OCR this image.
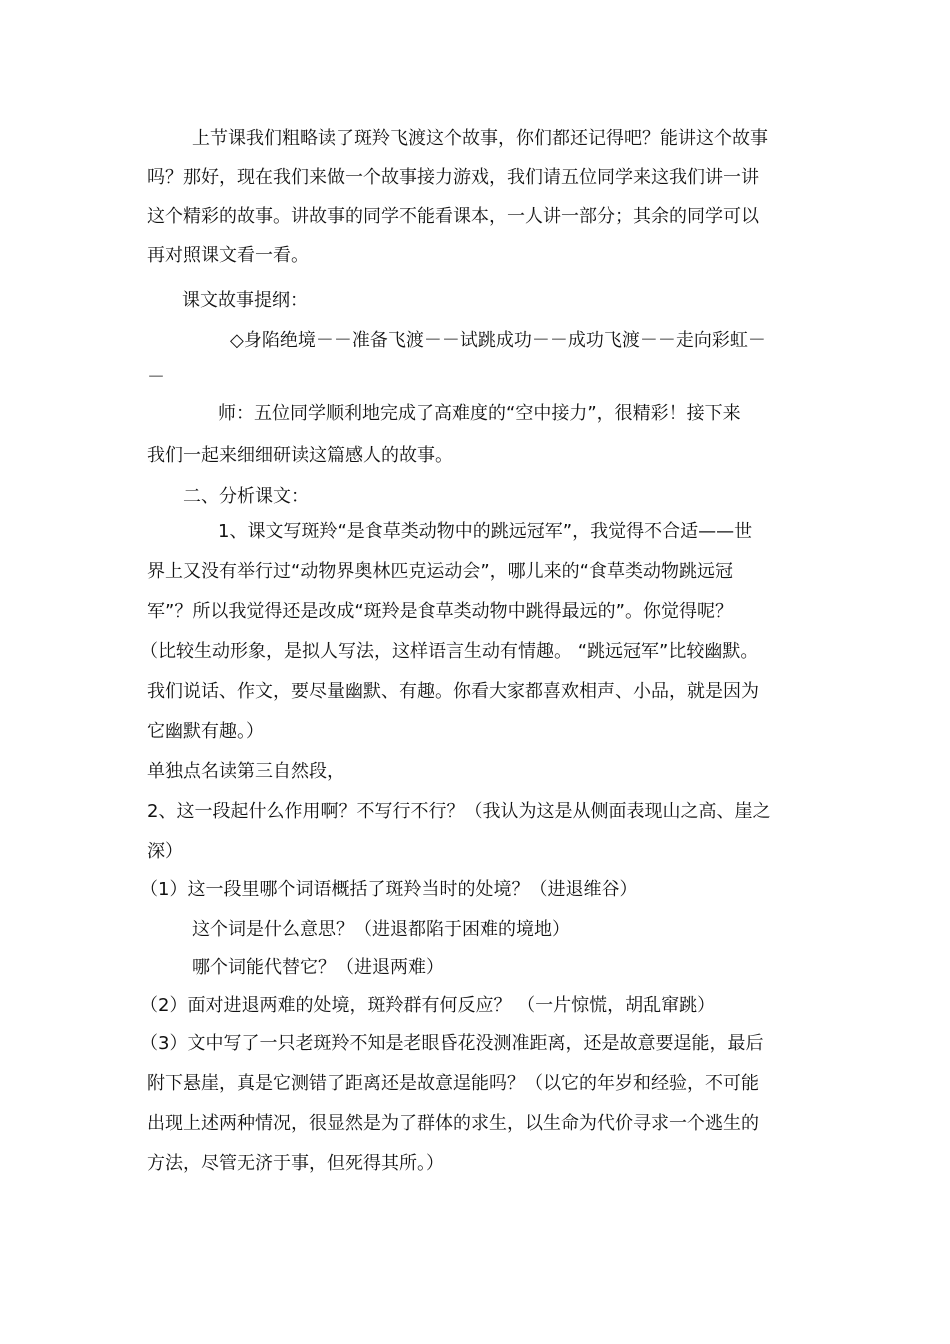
上节课我们粗略读了斑羚飞渡这个故事，你们都还记得吧？能讲这个故事
吗？那好，现在我们来做一个故事接力游戏，我们请五位同学来这我们讲一讲
这个精彩的故事。讲故事的同学不能看课本，一人讲一部分；其余的同学可以
再对照课文看一看。
课文故事提纲：
◇身陷绝境－－准备飞渡－－试跳成功－－成功飞渡－－走向彩虹－
－
师：五位同学顺利地完成了高难度的“空中接力”，很精彩！接下来
我们一起来细细研读这篇感人的故事。
二、分析课文：
1、课文写斑羚“是食草类动物中的跳远冠军”，我觉得不合适——世
界上又没有举行过“动物界奥林匹克运动会”，哪儿来的“食草类动物跳远冠
军”？所以我觉得还是改成“斑羚是食草类动物中跳得最远的”。你觉得呢？
（比较生动形象，是拟人写法，这样语言生动有情趣。 “跳远冠军”比较幽默。
我们说话、作文，要尽量幽默、有趣。你看大家都喜欢相声、小品，就是因为
它幽默有趣。）
单独点名读第三自然段，
2、这一段起什么作用啊？不写行不行？（我认为这是从侧面表现山之高、崖之
深）
（1）这一段里哪个词语概括了斑羚当时的处境？（进退维谷）
这个词是什么意思？（进退都陷于困难的境地）
哪个词能代替它？（进退两难）
（2）面对进退两难的处境，斑羚群有何反应？ （一片惊慌，胡乱窜跳）
（3）文中写了一只老斑羚不知是老眼昏花没测准距离，还是故意要逞能，最后
附下悬崖，真是它测错了距离还是故意逞能吗？（以它的年岁和经验，不可能
出现上述两种情况，很显然是为了群体的求生，以生命为代价寻求一个逃生的
方法，尽管无济于事，但死得其所。）
